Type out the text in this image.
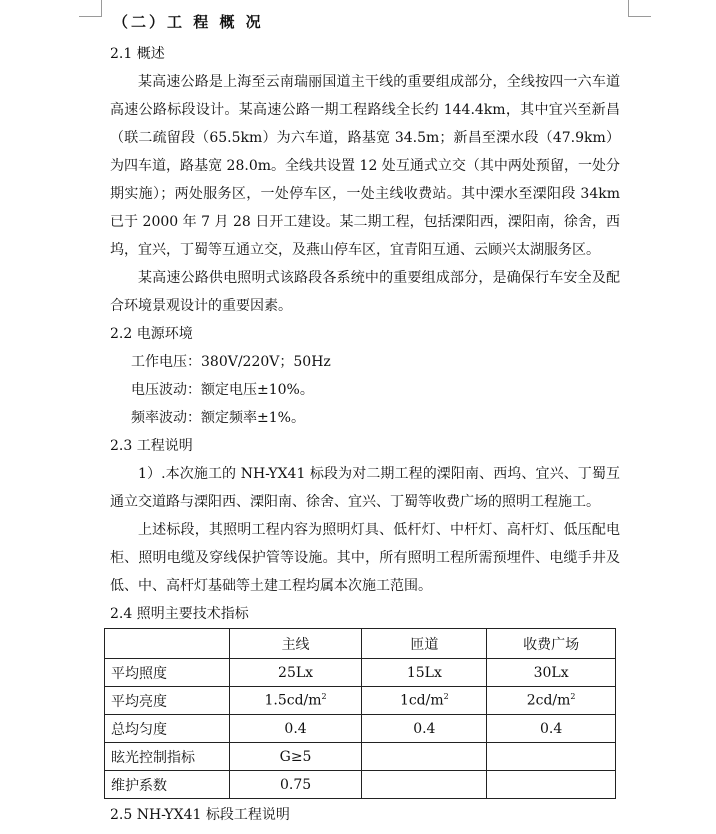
（二）工 程 概 况
2.1 概述

某高速公路是上海至云南瑞丽国道主干线的重要组成部分，全线按四一六车道高速公路标段设计。某高速公路一期工程路线全长约 144.4km，其中宜兴至新昌（联二疏留段（65.5km）为六车道，路基宽 34.5m；新昌至溧水段（47.9km）为四车道，路基宽 28.0m。全线共设置 12 处互通式立交（其中两处预留，一处分期实施）；两处服务区，一处停车区，一处主线收费站。其中溧水至溧阳段 34km 已于 2000 年 7 月 28 日开工建设。某二期工程，包括溧阳西，溧阳南，徐舍，西坞，宜兴，丁蜀等互通立交，及燕山停车区，宜青阳互通、云顾兴太湖服务区。

某高速公路供电照明式该路段各系统中的重要组成部分，是确保行车安全及配合环境景观设计的重要因素。

2.2 电源环境
工作电压：380V/220V；50Hz
电压波动：额定电压±10%。
频率波动：额定频率±1%。
2.3 工程说明

1）.本次施工的 NH-YX41 标段为对二期工程的溧阳南、西坞、宜兴、丁蜀互通立交道路与溧阳西、溧阳南、徐舍、宜兴、丁蜀等收费广场的照明工程施工。

上述标段，其照明工程内容为照明灯具、低杆灯、中杆灯、高杆灯、低压配电柜、照明电缆及穿线保护管等设施。其中，所有照明工程所需预埋件、电缆手井及低、中、高杆灯基础等土建工程均属本次施工范围。

2.4 照明主要技术指标
	主线	匝道	收费广场
平均照度	25Lx	15Lx	30Lx
平均亮度	$1.5cd/m^2$	$1cd/m^2$	$2cd/m^2$
总均匀度	0.4	0.4	0.4
眩光控制指标	G≥5		
维护系数	0.75		
2.5 NH-YX41 标段工程说明
